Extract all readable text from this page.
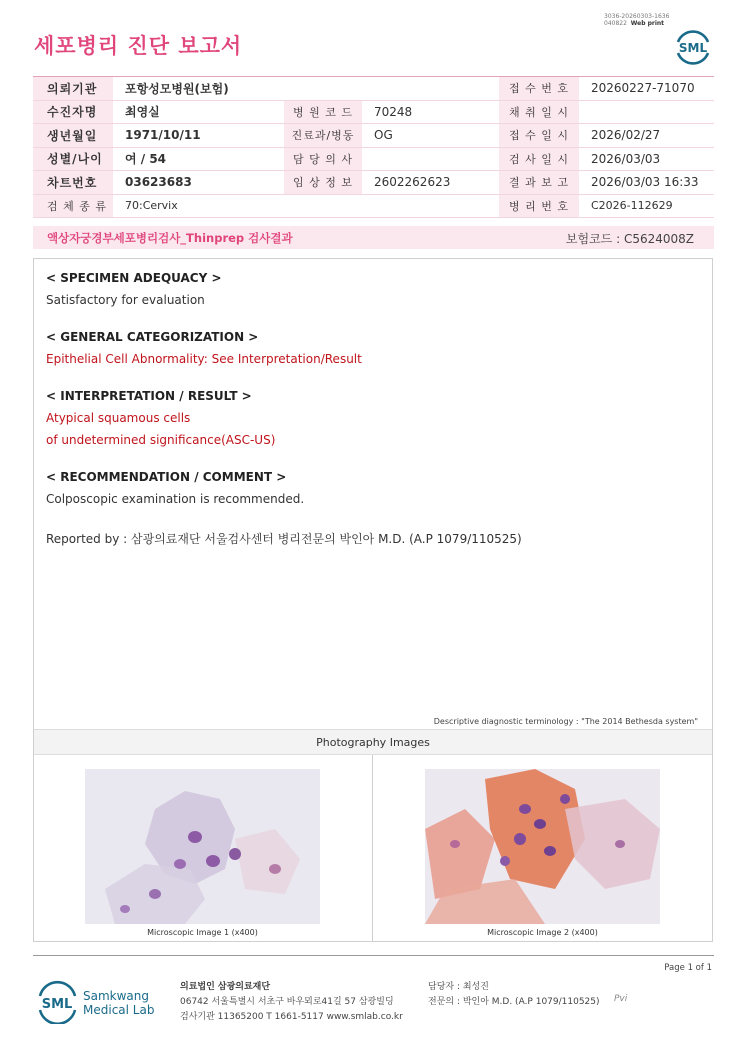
3036-20260303-1636
040822 Web print
세포병리 진단 보고서	SML
의뢰기관	포항성모병원(보험)			접 수 번 호	20260227-71070
수진자명	최영실	병 원 코 드	70248	채 취 일 시	
생년월일	1971/10/11	진료과/병동	OG	접 수 일 시	2026/02/27
성별/나이	여 / 54	담 당 의 사		검 사 일 시	2026/03/03
차트번호	03623683	임 상 정 보	2602262623	결 과 보 고	2026/03/03 16:33
검 체 종 류	70:Cervix			병 리 번 호	C2026-112629
액상자궁경부세포병리검사_Thinprep 검사결과	보험코드 : C5624008Z
< SPECIMEN ADEQUACY >
Satisfactory for evaluation
< GENERAL CATEGORIZATION >
Epithelial Cell Abnormality: See Interpretation/Result
< INTERPRETATION / RESULT >
Atypical squamous cells
of undetermined significance(ASC-US)
< RECOMMENDATION / COMMENT >
Colposcopic examination is recommended.
Reported by : 삼광의료재단 서울검사센터 병리전문의 박인아 M.D. (A.P 1079/110525)
Descriptive diagnostic terminology : "The 2014 Bethesda system"
Photography Images
Microscopic Image 1 (x400)	Microscopic Image 2 (x400)
Page 1 of 1
SML
Samkwang
Medical Lab
의료법인 삼광의료재단
06742 서울특별시 서초구 바우뫼로41길 57 삼광빌딩
검사기관 11365200 T 1661-5117 www.smlab.co.kr
담당자 : 최성진
전문의 : 박인아 M.D. (A.P 1079/110525) Pvi
